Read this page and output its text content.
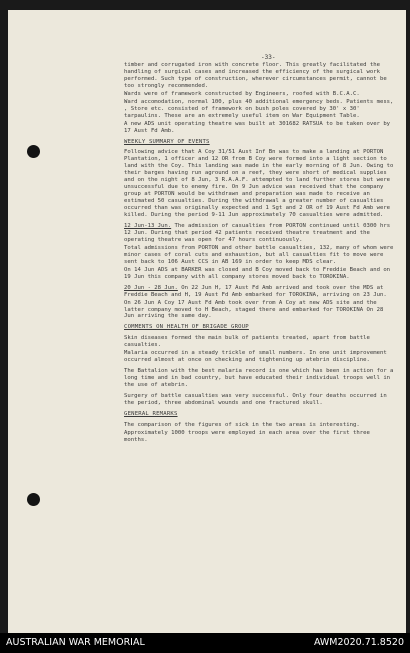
-33-

timber and corrugated iron with concrete floor. This greatly facilitated the handling of surgical cases and increased the efficiency of the surgical work performed. Such type of construction, wherever circumstances permit, cannot be too strongly recommended.

Wards were of framework constructed by Engineers, roofed with B.C.A.C.

Ward accomodation, normal 100, plus 40 additional emergency beds. Patients mess, , Store etc. consisted of framework on bush poles covered by 30' x 30' tarpaulins. These are an extremely useful item on War Equipment Table.

A new ADS unit operating theatre was built at 301682 RATSUA to be taken over by 17 Aust Fd Amb.

WEEKLY SUMMARY OF EVENTS

Following advice that A Coy 31/51 Aust Inf Bn was to make a landing at PORTON Plantation, 1 officer and 12 OR from B Coy were formed into a light section to land with the Coy. This landing was made in the early morning of 8 Jun. Owing to their barges having run aground on a reef, they were short of medical supplies and on the night of 8 Jun, 3 R.A.A.F. attempted to land further stores but were unsuccessful due to enemy fire. On 9 Jun advice was received that the company group at PORTON would be withdrawn and preparation was made to receive an estimated 50 casualties. During the withdrawal a greater number of casualties occurred than was originally expected and 1 Sgt and 2 OR of 19 Aust Fd Amb were killed. During the period 9-11 Jun approximately 70 casualties were admitted.

12 Jun-13 Jun. The admission of casualties from PORTON continued until 0300 hrs 12 Jun. During that period 42 patients received theatre treatment and the operating theatre was open for 47 hours continuously.

Total admissions from PORTON and other battle casualties, 132, many of whom were minor cases of coral cuts and exhaustion, but all casualties fit to move were sent back to 106 Aust CCS in AB 169 in order to keep MDS clear.

On 14 Jun ADS at BARKER was closed and B Coy moved back to Freddie Beach and on 19 Jun this company with all company stores moved back to TOROKINA.

20 Jun - 28 Jun. On 22 Jun H, 17 Aust Fd Amb arrived and took over the MDS at Freddie Beach and H, 19 Aust Fd Amb embarked for TOROKINA, arriving on 23 Jun.

On 26 Jun A Coy 17 Aust Fd Amb took over from A Coy at new ADS site and the latter company moved to H Beach, staged there and embarked for TOROKINA On 28 Jun arriving the same day.

COMMENTS ON HEALTH OF BRIGADE GROUP

Skin diseases formed the main bulk of patients treated, apart from battle casualties.

Malaria occurred in a steady trickle of small numbers. In one unit improvement occurred almost at once on checking and tightening up atebrin discipline.

The Battalion with the best malaria record is one which has been in action for a long time and in bad country, but have educated their individual troops well in the use of atebrin.

Surgery of battle casualties was very successful. Only four deaths occurred in the period, three abdominal wounds and one fractured skull.

GENERAL REMARKS

The comparison of the figures of sick in the two areas is interesting.

Approximately 1000 troops were employed in each area over the first three months.

AUSTRALIAN WAR MEMORIAL	AWM2020.71.8520
